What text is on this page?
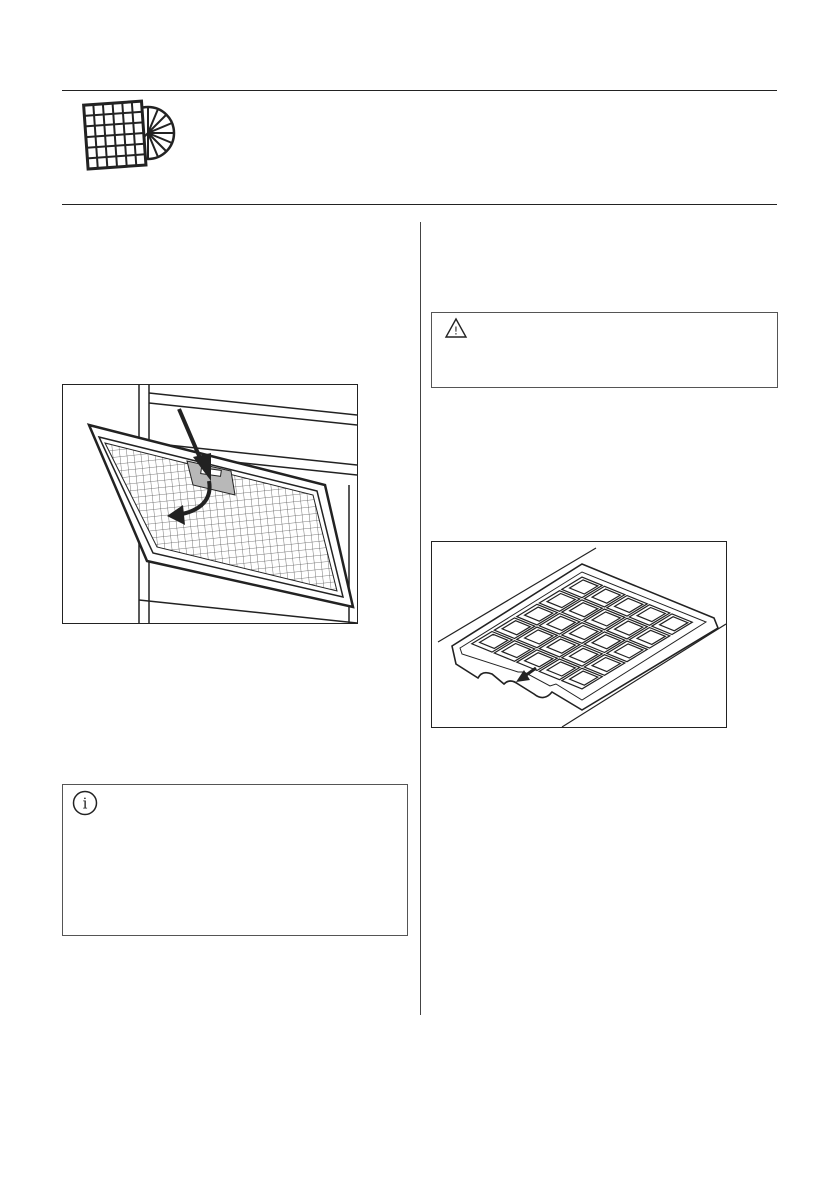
i
!
